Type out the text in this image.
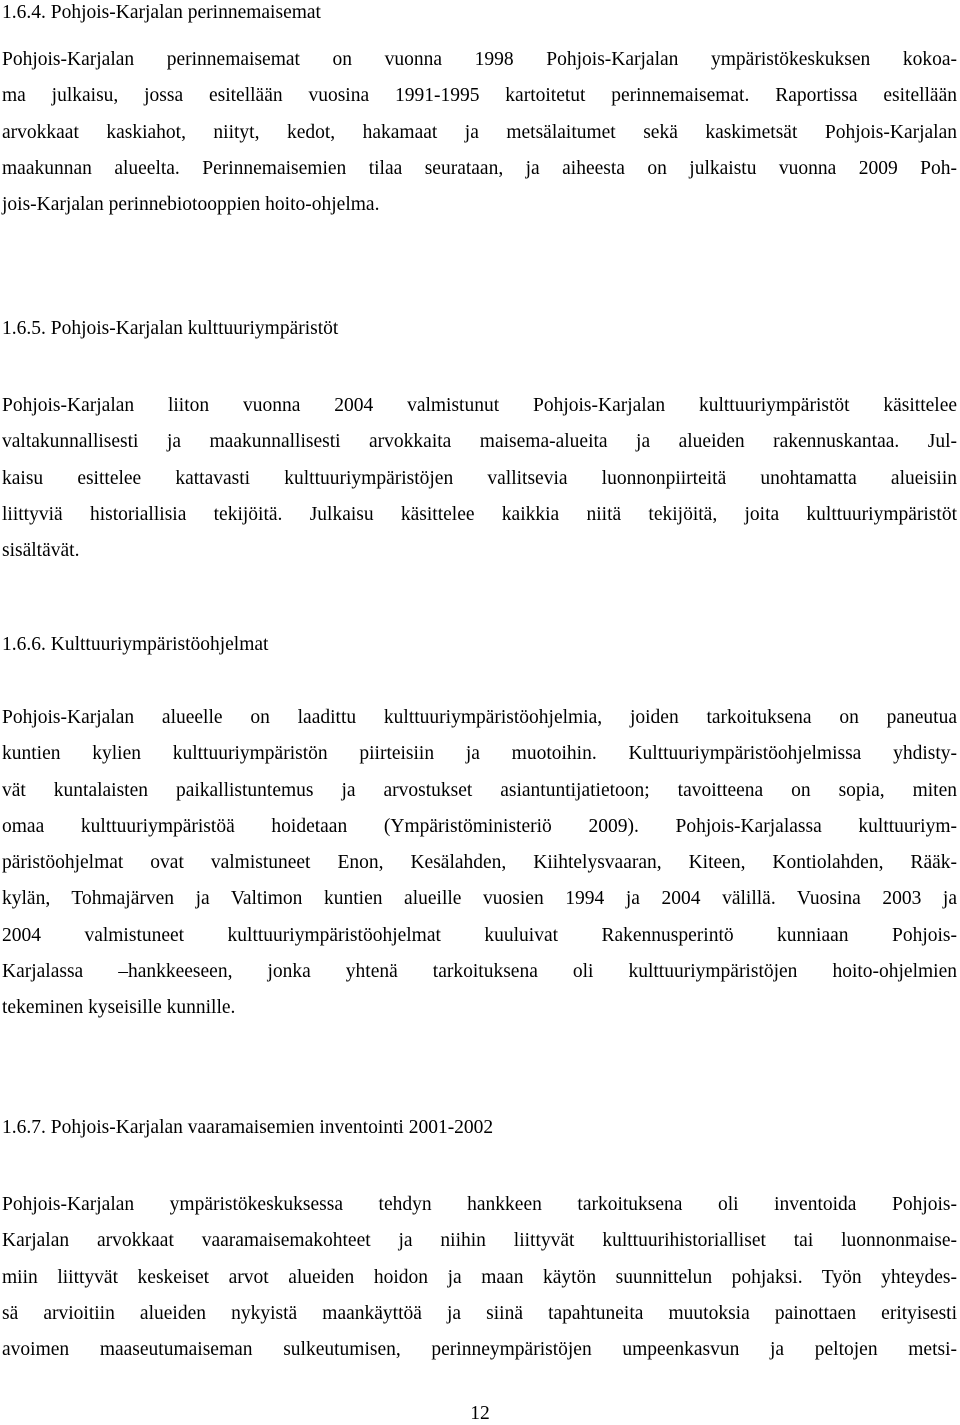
1.6.4. Pohjois-Karjalan perinnemaisemat
Pohjois-Karjalan perinnemaisemat on vuonna 1998 Pohjois-Karjalan ympäristökeskuksen kokoa-
ma julkaisu, jossa esitellään vuosina 1991-1995 kartoitetut perinnemaisemat. Raportissa esitellään
arvokkaat kaskiahot, niityt, kedot, hakamaat ja metsälaitumet sekä kaskimetsät Pohjois-Karjalan
maakunnan alueelta. Perinnemaisemien tilaa seurataan, ja aiheesta on julkaistu vuonna 2009 Poh-
jois-Karjalan perinnebiotooppien hoito-ohjelma.
1.6.5. Pohjois-Karjalan kulttuuriympäristöt
Pohjois-Karjalan liiton vuonna 2004 valmistunut Pohjois-Karjalan kulttuuriympäristöt käsittelee
valtakunnallisesti ja maakunnallisesti arvokkaita maisema-alueita ja alueiden rakennuskantaa. Jul-
kaisu esittelee kattavasti kulttuuriympäristöjen vallitsevia luonnonpiirteitä unohtamatta alueisiin
liittyviä historiallisia tekijöitä. Julkaisu käsittelee kaikkia niitä tekijöitä, joita kulttuuriympäristöt
sisältävät.
1.6.6. Kulttuuriympäristöohjelmat
Pohjois-Karjalan alueelle on laadittu kulttuuriympäristöohjelmia, joiden tarkoituksena on paneutua
kuntien kylien kulttuuriympäristön piirteisiin ja muotoihin. Kulttuuriympäristöohjelmissa yhdisty-
vät kuntalaisten paikallistuntemus ja arvostukset asiantuntijatietoon; tavoitteena on sopia, miten
omaa kulttuuriympäristöä hoidetaan (Ympäristöministeriö 2009). Pohjois-Karjalassa kulttuuriym-
päristöohjelmat ovat valmistuneet Enon, Kesälahden, Kiihtelysvaaran, Kiteen, Kontiolahden, Rääk-
kylän, Tohmajärven ja Valtimon kuntien alueille vuosien 1994 ja 2004 välillä. Vuosina 2003 ja
2004 valmistuneet kulttuuriympäristöohjelmat kuuluivat Rakennusperintö kunniaan Pohjois-
Karjalassa –hankkeeseen, jonka yhtenä tarkoituksena oli kulttuuriympäristöjen hoito-ohjelmien
tekeminen kyseisille kunnille.
1.6.7. Pohjois-Karjalan vaaramaisemien inventointi 2001-2002
Pohjois-Karjalan ympäristökeskuksessa tehdyn hankkeen tarkoituksena oli inventoida Pohjois-
Karjalan arvokkaat vaaramaisemakohteet ja niihin liittyvät kulttuurihistorialliset tai luonnonmaise-
miin liittyvät keskeiset arvot alueiden hoidon ja maan käytön suunnittelun pohjaksi. Työn yhteydes-
sä arvioitiin alueiden nykyistä maankäyttöä ja siinä tapahtuneita muutoksia painottaen erityisesti
avoimen maaseutumaiseman sulkeutumisen, perinneympäristöjen umpeenkasvun ja peltojen metsi-
12
